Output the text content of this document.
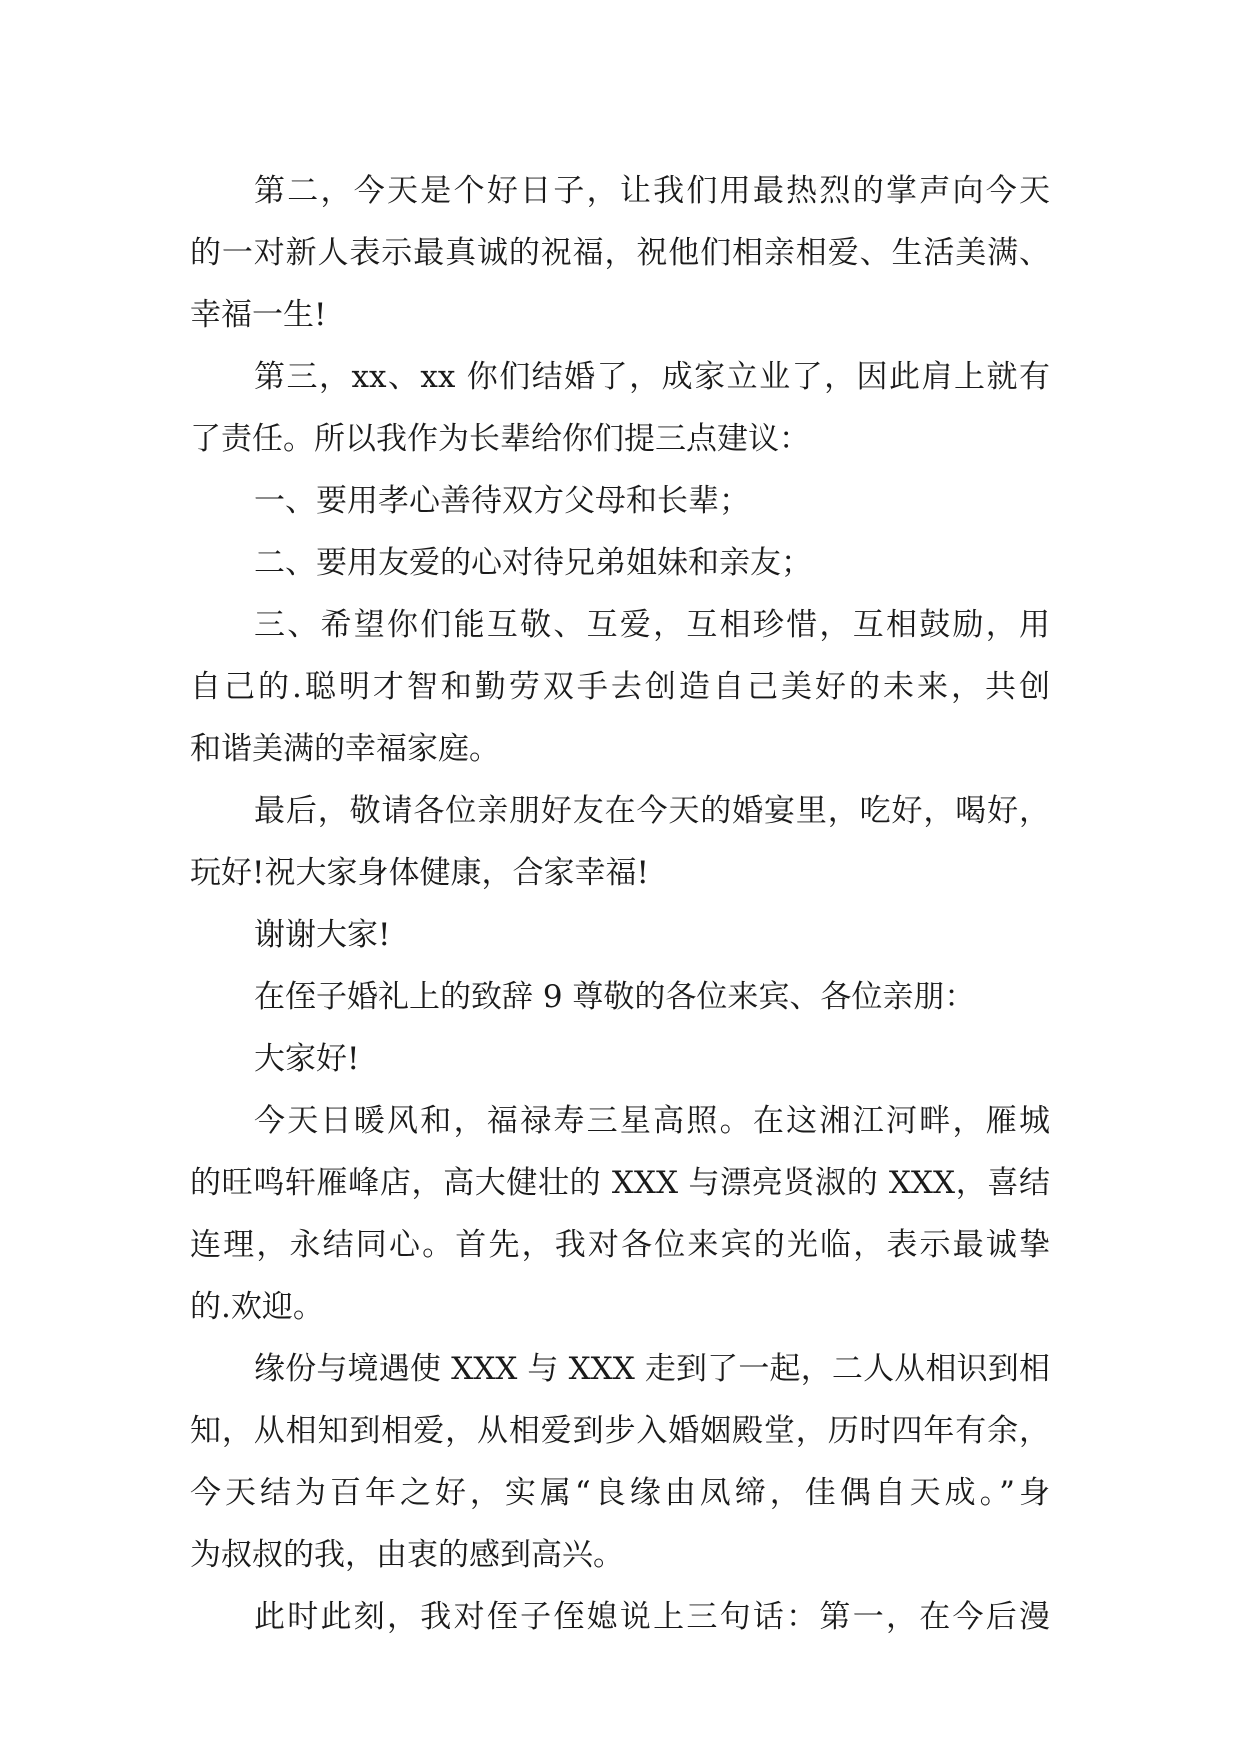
第二，今天是个好日子，让我们用最热烈的掌声向今天
的一对新人表示最真诚的祝福，祝他们相亲相爱、生活美满、
幸福一生!
第三，xx、xx 你们结婚了，成家立业了，因此肩上就有
了责任。所以我作为长辈给你们提三点建议：
一、要用孝心善待双方父母和长辈；
二、要用友爱的心对待兄弟姐妹和亲友；
三、希望你们能互敬、互爱，互相珍惜，互相鼓励，用
自己的.聪明才智和勤劳双手去创造自己美好的未来，共创
和谐美满的幸福家庭。
最后，敬请各位亲朋好友在今天的婚宴里，吃好，喝好，
玩好!祝大家身体健康，合家幸福!
谢谢大家!
在侄子婚礼上的致辞 9 尊敬的各位来宾、各位亲朋：
大家好!
今天日暖风和，福禄寿三星高照。在这湘江河畔，雁城
的旺鸣轩雁峰店，高大健壮的 XXX 与漂亮贤淑的 XXX，喜结
连理，永结同心。首先，我对各位来宾的光临，表示最诚挚
的.欢迎。
缘份与境遇使 XXX 与 XXX 走到了一起，二人从相识到相
知，从相知到相爱，从相爱到步入婚姻殿堂，历时四年有余，
今天结为百年之好，实属“良缘由凤缔，佳偶自天成。”身
为叔叔的我，由衷的感到高兴。
此时此刻，我对侄子侄媳说上三句话：第一，在今后漫
